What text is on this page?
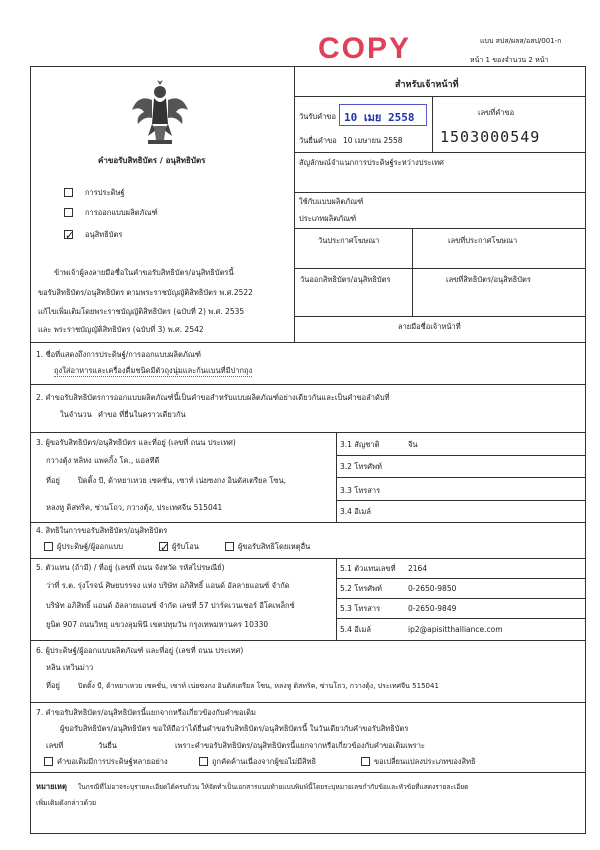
COPY	แบบ สปส/ผลส/อสป/001-ก
หน้า 1 ของจำนวน 2 หน้า
คำขอรับสิทธิบัตร / อนุสิทธิบัตร
การประดิษฐ์
การออกแบบผลิตภัณฑ์
✓ อนุสิทธิบัตร
ข้าพเจ้าผู้ลงลายมือชื่อในคำขอรับสิทธิบัตร/อนุสิทธิบัตรนี้
ขอรับสิทธิบัตร/อนุสิทธิบัตร ตามพระราชบัญญัติสิทธิบัตร พ.ศ.2522
แก้ไขเพิ่มเติมโดยพระราชบัญญัติสิทธิบัตร (ฉบับที่ 2) พ.ศ. 2535
และ พระราชบัญญัติสิทธิบัตร (ฉบับที่ 3) พ.ศ. 2542
สำหรับเจ้าหน้าที่
วันรับคำขอ 10 เมย 2558
วันยื่นคำขอ 10 เมษายน 2558
เลขที่คำขอ
1503000549
สัญลักษณ์จำแนกการประดิษฐ์ระหว่างประเทศ
ใช้กับแบบผลิตภัณฑ์
ประเภทผลิตภัณฑ์
วันประกาศโฆษณา	เลขที่ประกาศโฆษณา
วันออกสิทธิบัตร/อนุสิทธิบัตร	เลขที่สิทธิบัตร/อนุสิทธิบัตร
ลายมือชื่อเจ้าหน้าที่
1. ชื่อที่แสดงถึงการประดิษฐ์/การออกแบบผลิตภัณฑ์
ถุงใส่อาหารและเครื่องดื่มชนิดมีตัวถุงนุ่มและก้นแบนที่มีปากถุง
2. คำขอรับสิทธิบัตรการออกแบบผลิตภัณฑ์นี้เป็นคำขอสำหรับแบบผลิตภัณฑ์อย่างเดียวกันและเป็นคำขอลำดับที่
ในจำนวน คำขอ ที่ยื่นในคราวเดียวกัน
3. ผู้ขอรับสิทธิบัตร/อนุสิทธิบัตร และที่อยู่ (เลขที่ ถนน ประเทศ)
กวางตุ้ง หลิหง แพคกิ้ง โค., แอลทีดี
ที่อยู่ ปิดติ้ง บี, ด้าหยาเหวย เซคชั่น, เซาท์ เน่ยซงกง อินดัสเตรียล โซน,
หลงหู ดิสทริค, ซ่านโถว, กวางตุ้ง, ประเทศจีน 515041
3.1 สัญชาติ	จีน
3.2 โทรศัพท์
3.3 โทรสาร
3.4 อีเมล์
4. สิทธิในการขอรับสิทธิบัตร/อนุสิทธิบัตร
ผู้ประดิษฐ์/ผู้ออกแบบ	✓ ผู้รับโอน	ผู้ขอรับสิทธิโดยเหตุอื่น
5. ตัวแทน (ถ้ามี) / ที่อยู่ (เลขที่ ถนน จังหวัด รหัสไปรษณีย์)
ว่าที่ ร.ต. รุ่งโรจน์ ศิษยบรรจง แห่ง บริษัท อภิสิทธิ์ แอนด์ อัลลายแอนซ์ จำกัด
บริษัท อภิสิทธิ์ แอนด์ อัลลายแอนซ์ จำกัด เลขที่ 57 ปาร์คเวนเชอร์ อีโคเพล็กซ์
ยูนิต 907 ถนนวิทยุ แขวงลุมพินี เขตปทุมวัน กรุงเทพมหานคร 10330
5.1 ตัวแทนเลขที่ 2164
5.2 โทรศัพท์	0-2650-9850
5.3 โทรสาร	0-2650-9849
5.4 อีเมล์	ip2@apisitthalliance.com
6. ผู้ประดิษฐ์/ผู้ออกแบบผลิตภัณฑ์ และที่อยู่ (เลขที่ ถนน ประเทศ)
หลิน เหวินม่าว
ที่อยู่	ปิดติ้ง บี, ด้าหยาเหวย เซคชั่น, เซาท์ เน่ยซงกง อินดัสเตรียล โซน, หลงหู ดิสทริค, ซ่านโถว, กวางตุ้ง, ประเทศจีน 515041
7. คำขอรับสิทธิบัตร/อนุสิทธิบัตรนี้แยกจากหรือเกี่ยวข้องกับคำขอเดิม
ผู้ขอรับสิทธิบัตร/อนุสิทธิบัตร ขอให้ถือว่าได้ยื่นคำขอรับสิทธิบัตร/อนุสิทธิบัตรนี้ ในวันเดียวกับคำขอรับสิทธิบัตร
เลขที่	วันยื่น	เพราะคำขอรับสิทธิบัตร/อนุสิทธิบัตรนี้แยกจากหรือเกี่ยวข้องกับคำขอเดิมเพราะ
คำขอเดิมมีการประดิษฐ์หลายอย่าง	ถูกคัดค้านเนื่องจากผู้ขอไม่มีสิทธิ	ขอเปลี่ยนแปลงประเภทของสิทธิ
หมายเหตุ ในกรณีที่ไม่อาจระบุรายละเอียดได้ครบถ้วน ให้จัดทำเป็นเอกสารแนบท้ายแบบพิมพ์นี้โดยระบุหมายเลขกำกับข้อและหัวข้อที่แสดงรายละเอียด
เพิ่มเติมดังกล่าวด้วย
